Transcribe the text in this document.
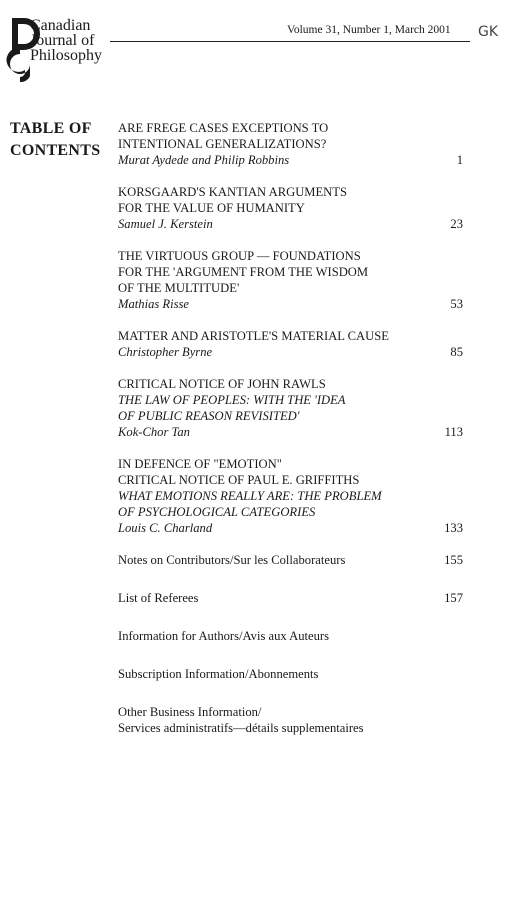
Canadian
Journal of
Philosophy
Volume 31, Number 1, March 2001 GK
TABLE OF
CONTENTS
ARE FREGE CASES EXCEPTIONS TO
INTENTIONAL GENERALIZATIONS?
Murat Aydede and Philip Robbins	1
KORSGAARD'S KANTIAN ARGUMENTS
FOR THE VALUE OF HUMANITY
Samuel J. Kerstein	23
THE VIRTUOUS GROUP — FOUNDATIONS
FOR THE 'ARGUMENT FROM THE WISDOM
OF THE MULTITUDE'
Mathias Risse	53
MATTER AND ARISTOTLE'S MATERIAL CAUSE
Christopher Byrne	85
CRITICAL NOTICE OF JOHN RAWLS
THE LAW OF PEOPLES: WITH THE 'IDEA
OF PUBLIC REASON REVISITED'
Kok-Chor Tan	113
IN DEFENCE OF "EMOTION"
CRITICAL NOTICE OF PAUL E. GRIFFITHS
WHAT EMOTIONS REALLY ARE: THE PROBLEM
OF PSYCHOLOGICAL CATEGORIES
Louis C. Charland	133
Notes on Contributors/Sur les Collaborateurs	155
List of Referees	157
Information for Authors/Avis aux Auteurs
Subscription Information/Abonnements
Other Business Information/
Services administratifs—détails supplementaires
